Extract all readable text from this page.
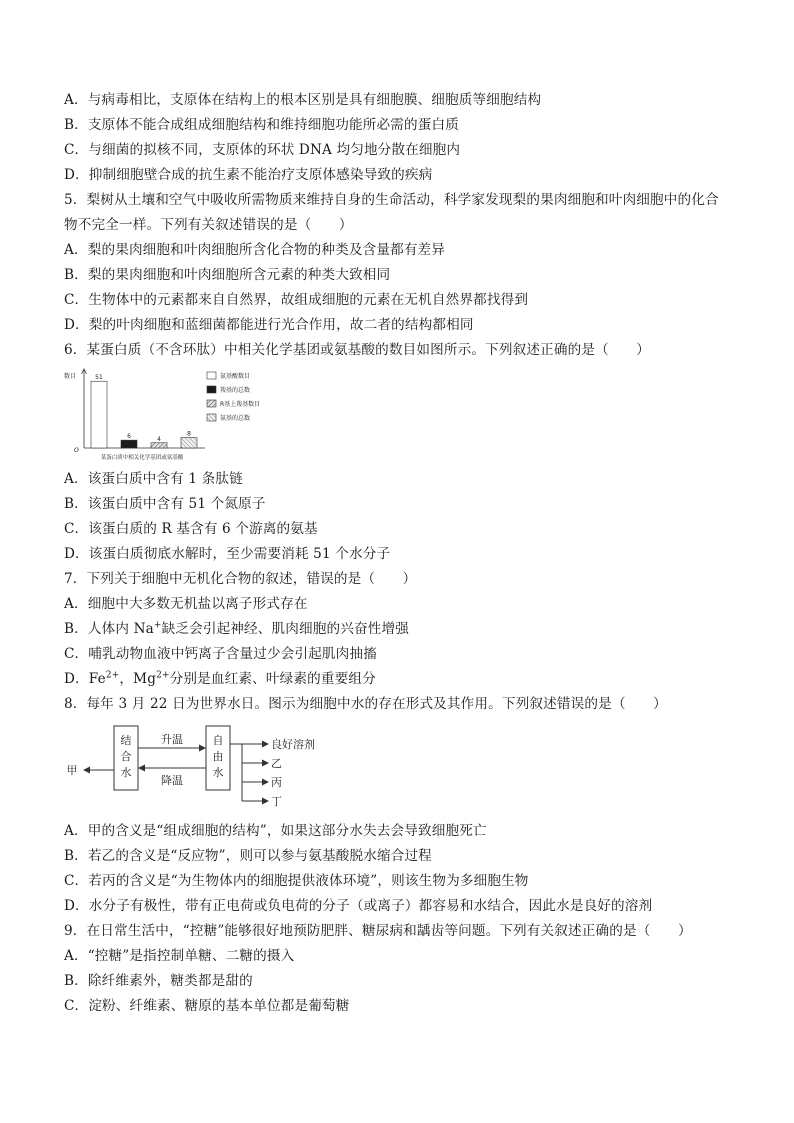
A．与病毒相比，支原体在结构上的根本区别是具有细胞膜、细胞质等细胞结构
B．支原体不能合成组成细胞结构和维持细胞功能所必需的蛋白质
C．与细菌的拟核不同，支原体的环状 DNA 均匀地分散在细胞内
D．抑制细胞壁合成的抗生素不能治疗支原体感染导致的疾病
5．梨树从土壤和空气中吸收所需物质来维持自身的生命活动，科学家发现梨的果肉细胞和叶肉细胞中的化合
物不完全一样。下列有关叙述错误的是（　　）
A．梨的果肉细胞和叶肉细胞所含化合物的种类及含量都有差异
B．梨的果肉细胞和叶肉细胞所含元素的种类大致相同
C．生物体中的元素都来自自然界，故组成细胞的元素在无机自然界都找得到
D．梨的叶肉细胞和蓝细菌都能进行光合作用，故二者的结构都相同
6．某蛋白质（不含环肽）中相关化学基团或氨基酸的数目如图所示。下列叙述正确的是（　　）
数目
O
某蛋白质中相关化学基团或氨基酸
51
6	4
8
氨基酸数目
羧基的总数
R基上羧基数目
氨基的总数
A．该蛋白质中含有 1 条肽链
B．该蛋白质中含有 51 个氮原子
C．该蛋白质的 R 基含有 6 个游离的氨基
D．该蛋白质彻底水解时，至少需要消耗 51 个水分子
7．下列关于细胞中无机化合物的叙述，错误的是（　　）
A．细胞中大多数无机盐以离子形式存在
B．人体内 Na+缺乏会引起神经、肌肉细胞的兴奋性增强
C．哺乳动物血液中钙离子含量过少会引起肌肉抽搐
D．$Fe^{2+}$，$Mg^{2+}$分别是血红素、叶绿素的重要组分
8．每年 3 月 22 日为世界水日。图示为细胞中水的存在形式及其作用。下列叙述错误的是（　　）
结合水
自由水
升温
降温
甲
良好溶剂
乙
丙
丁
A．甲的含义是“组成细胞的结构”，如果这部分水失去会导致细胞死亡
B．若乙的含义是“反应物”，则可以参与氨基酸脱水缩合过程
C．若丙的含义是“为生物体内的细胞提供液体环境”，则该生物为多细胞生物
D．水分子有极性，带有正电荷或负电荷的分子（或离子）都容易和水结合，因此水是良好的溶剂
9．在日常生活中，“控糖”能够很好地预防肥胖、糖尿病和龋齿等问题。下列有关叙述正确的是（　　）
A．“控糖”是指控制单糖、二糖的摄入
B．除纤维素外，糖类都是甜的
C．淀粉、纤维素、糖原的基本单位都是葡萄糖
